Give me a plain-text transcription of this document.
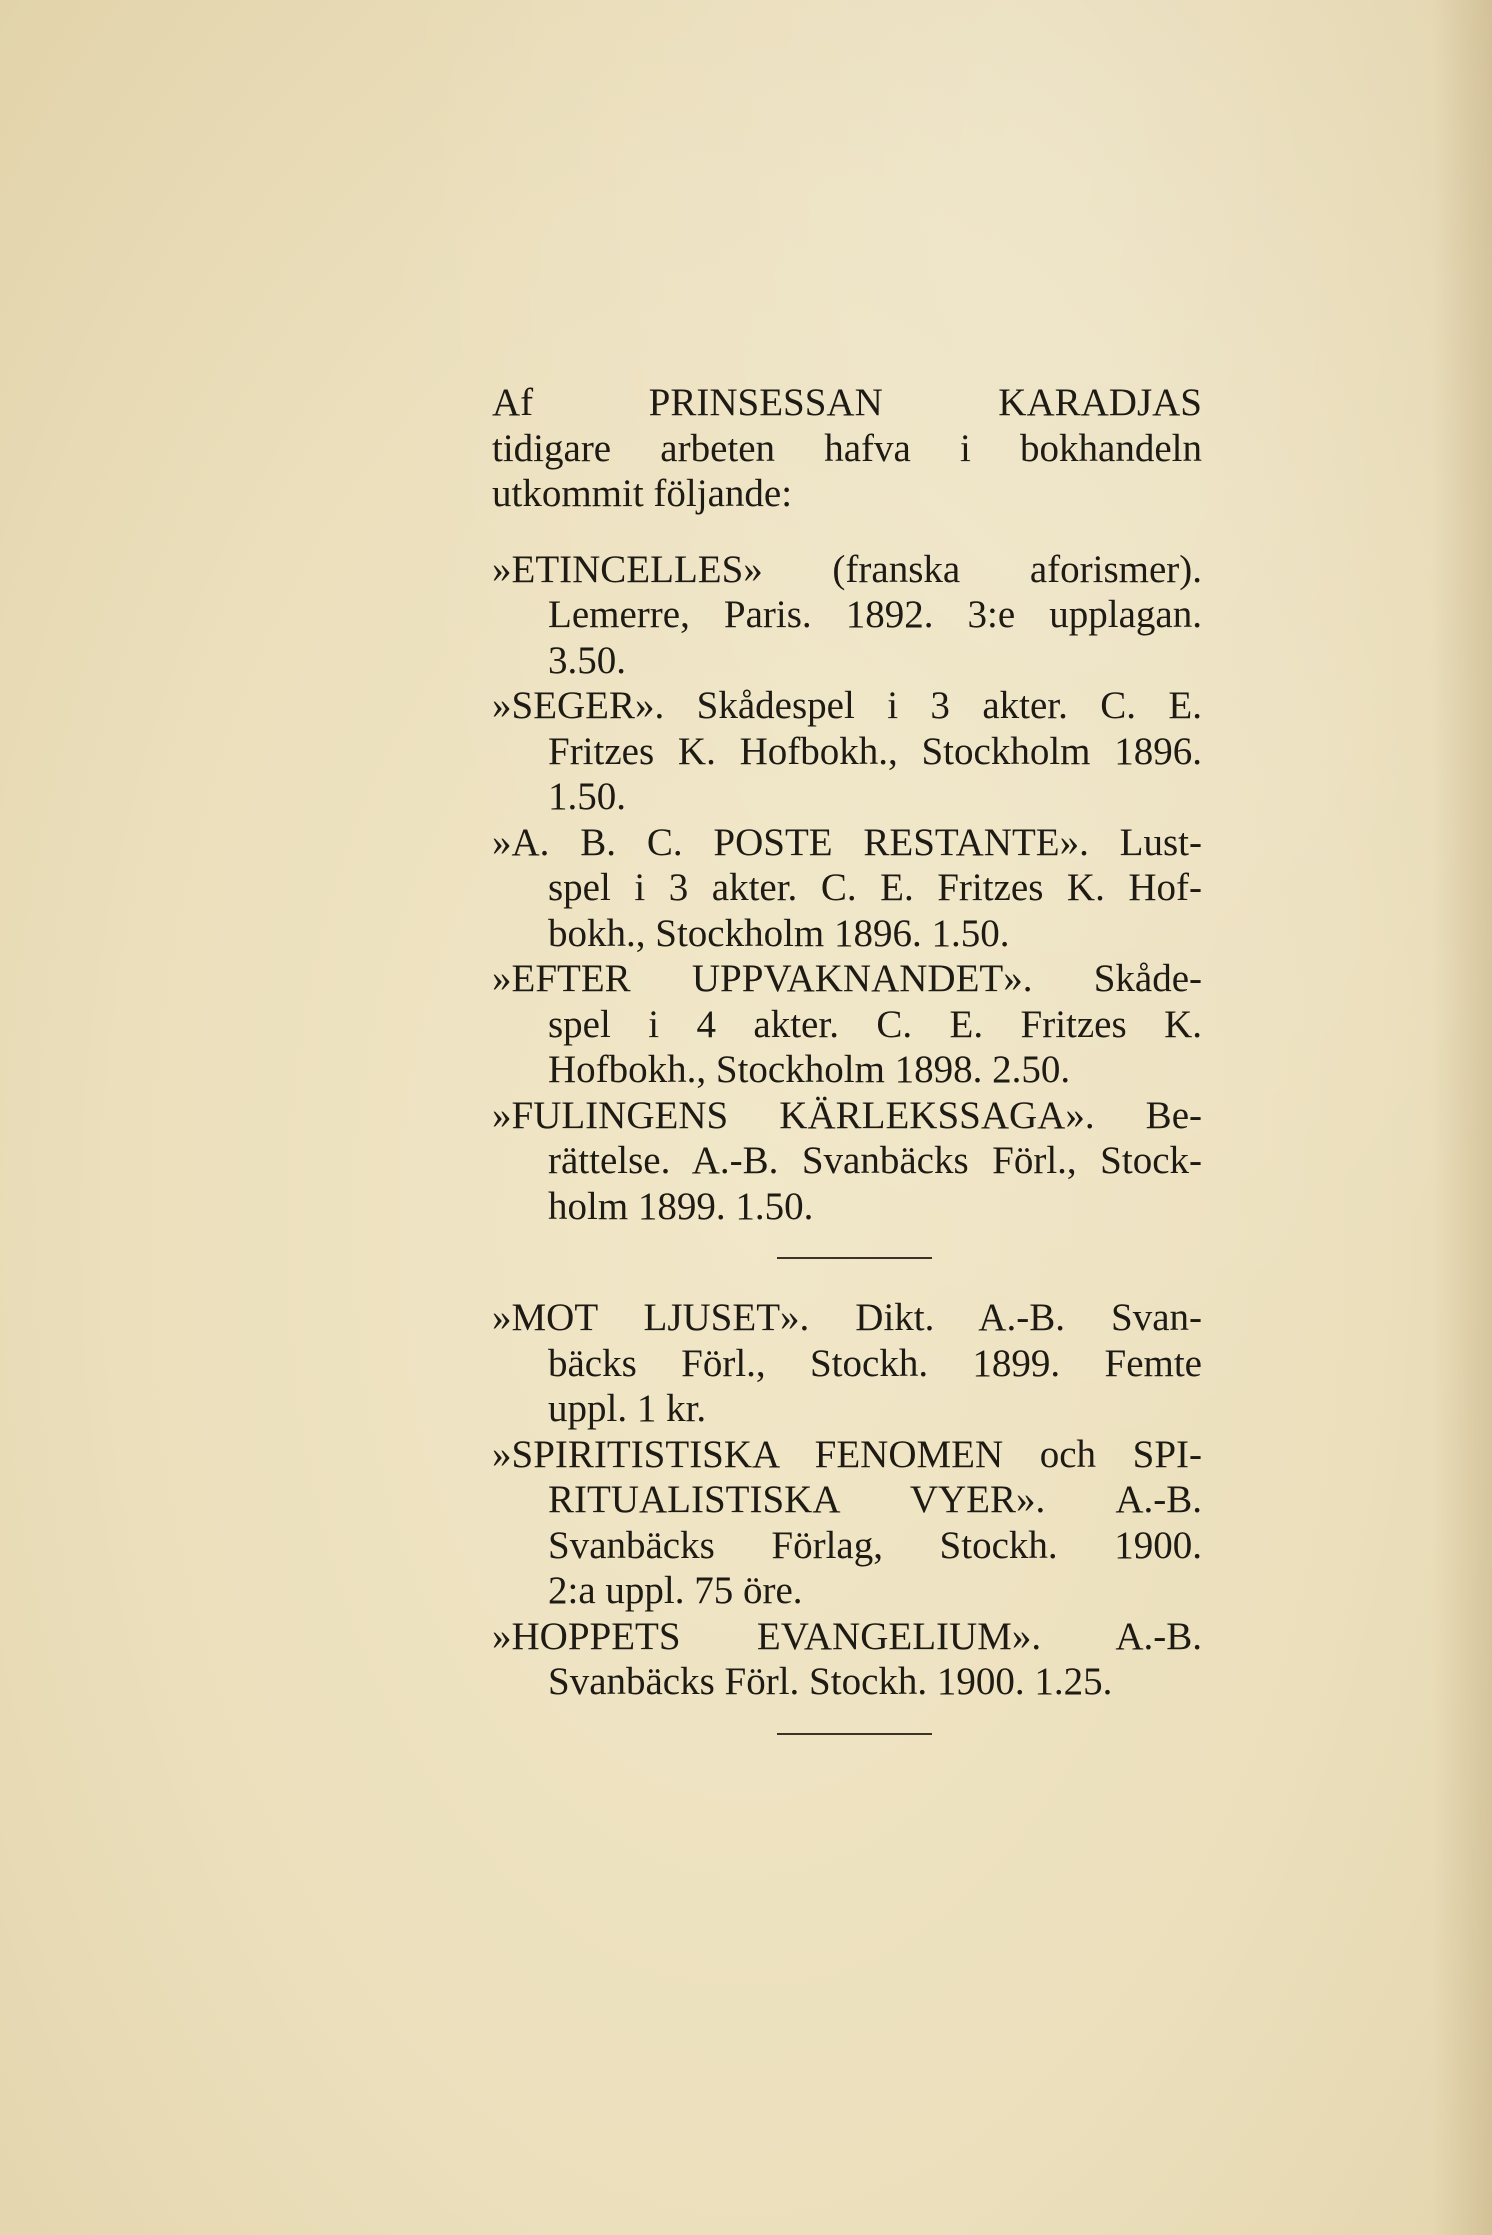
Af PRINSESSAN KARADJAS
tidigare arbeten hafva i bokhandeln
utkommit följande:
»ETINCELLES» (franska aforismer).
Lemerre, Paris. 1892. 3:e upplagan.
3.50.
»SEGER». Skådespel i 3 akter. C. E.
Fritzes K. Hofbokh., Stockholm 1896.
1.50.
»A. B. C. POSTE RESTANTE». Lust-
spel i 3 akter. C. E. Fritzes K. Hof-
bokh., Stockholm 1896. 1.50.
»EFTER UPPVAKNANDET». Skåde-
spel i 4 akter. C. E. Fritzes K.
Hofbokh., Stockholm 1898. 2.50.
»FULINGENS KÄRLEKSSAGA». Be-
rättelse. A.-B. Svanbäcks Förl., Stock-
holm 1899. 1.50.
»MOT LJUSET». Dikt. A.-B. Svan-
bäcks Förl., Stockh. 1899. Femte
uppl. 1 kr.
»SPIRITISTISKA FENOMEN och SPI-
RITUALISTISKA VYER». A.-B.
Svanbäcks Förlag, Stockh. 1900.
2:a uppl. 75 öre.
»HOPPETS EVANGELIUM». A.-B.
Svanbäcks Förl. Stockh. 1900. 1.25.
